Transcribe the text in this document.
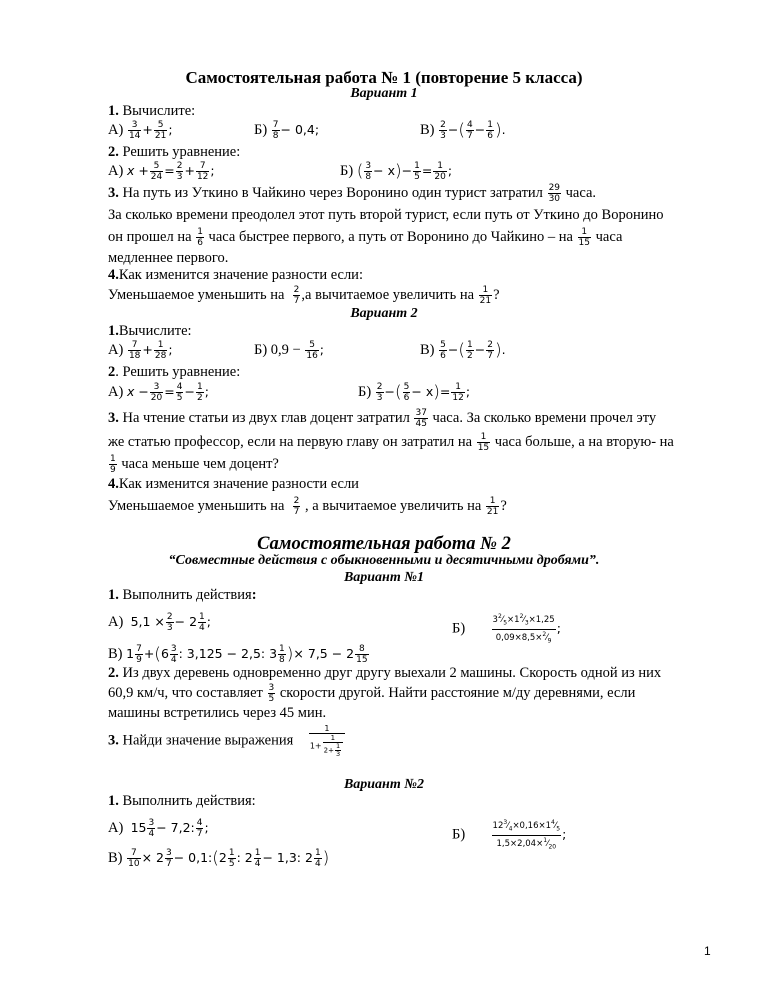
Самостоятельная работа № 1 (повторение 5 класса)
Вариант 1
1. Вычислите:
$А) \frac{3}{14} + \frac{5}{21}$ ;	$Б) \frac{7}{8} - 0,4$;	$В) \frac{2}{3}$ −( $\frac{4}{7} - \frac{1}{6}$ ).
2. Решить уравнение:
А) $x + \frac{5}{24} = \frac{2}{3} + \frac{7}{12}$ ;	Б) ( $\frac{3}{8} - x)- \frac{1}{5} = \frac{1}{20}$ ;
3. На путь из Уткино в Чайкино через Воронино один турист затратил $\frac{29}{30}$ часа.
За сколько времени преодолел этот путь второй турист, если путь от Уткино до Воронино
он прошел на $\frac{1}{6}$ часа быстрее первого, а путь от Воронино до Чайкино – на $\frac{1}{15}$ часа
медленнее первого.
4.Как изменится значение разности если:
Уменьшаемое уменьшить на $\frac{2}{7} ,а$ вычитаемое увеличить на $\frac{1}{21}$ ?
Вариант 2
1.Вычислите:
$А) \frac{7}{18} + \frac{1}{28}$ ;	Б) $0,9 - \frac{5}{16}$ ;	$В) \frac{5}{6}$ −( $\frac{1}{2} - \frac{2}{7}$ ).
2. Решить уравнение:
А) $x - \frac{3}{20} = \frac{4}{5} - \frac{1}{2}$ ;	$Б) \frac{2}{3}$ −( $\frac{5}{6} - x)= \frac{1}{12}$ ;
3. На чтение статьи из двух глав доцент затратил $\frac{37}{45}$ часа. За сколько времени прочел эту
же статью профессор, если на первую главу он затратил на $\frac{1}{15}$ часа больше, а на вторую- на
$\frac{1}{9}$ часа меньше чем доцент?
4.Как изменится значение разности если
Уменьшаемое уменьшить на $\frac{2}{7}$ , а вычитаемое увеличить на $\frac{1}{21}$ ?
Самостоятельная работа № 2
“Совместные действия с обыкновенными и десятичными дробями”.
Вариант №1
1. Выполнить действия:
А) $5,1 \times \frac{2}{3} - 2 \frac{1}{4}$ ;	Б)	$\frac{3^2⁄_5\times 1^2⁄_3\times 1,25}{0,09\times 8,5\times^2⁄_9}$ ;
В) $1 \frac{7}{9} +(6 \frac{3}{4}$ : 3,125 − 2,5: $3 \frac{1}{8}$ )× $7,5 - 2 \frac{8}{15}$
2. Из двух деревень одновременно друг другу выехали 2 машины. Скорость одной из них
60,9 км/ч, что составляет $\frac{3}{5}$ скорости другой. Найти расстояние м/ду деревнями, если
машины встретились через 45 мин.
3. Найди значение выражения $\frac{1}{1+ \frac{1}{2+ \frac{1}{3}}}$
Вариант №2
1. Выполнить действия:
А) $15 \frac{3}{4} - 7,2$: $\frac{4}{7}$ ;	Б)	$\frac{12^3⁄_4\times 0,16\times 1^4⁄_5}{1,5\times 2,04\times^1⁄_{20}}$ ;
$В) \frac{7}{10} \times 2 \frac{3}{7}$ − 0,1:(2 $\frac{1}{5}$ : $2 \frac{1}{4} - 1,3$: $2 \frac{1}{4}$ )
1
